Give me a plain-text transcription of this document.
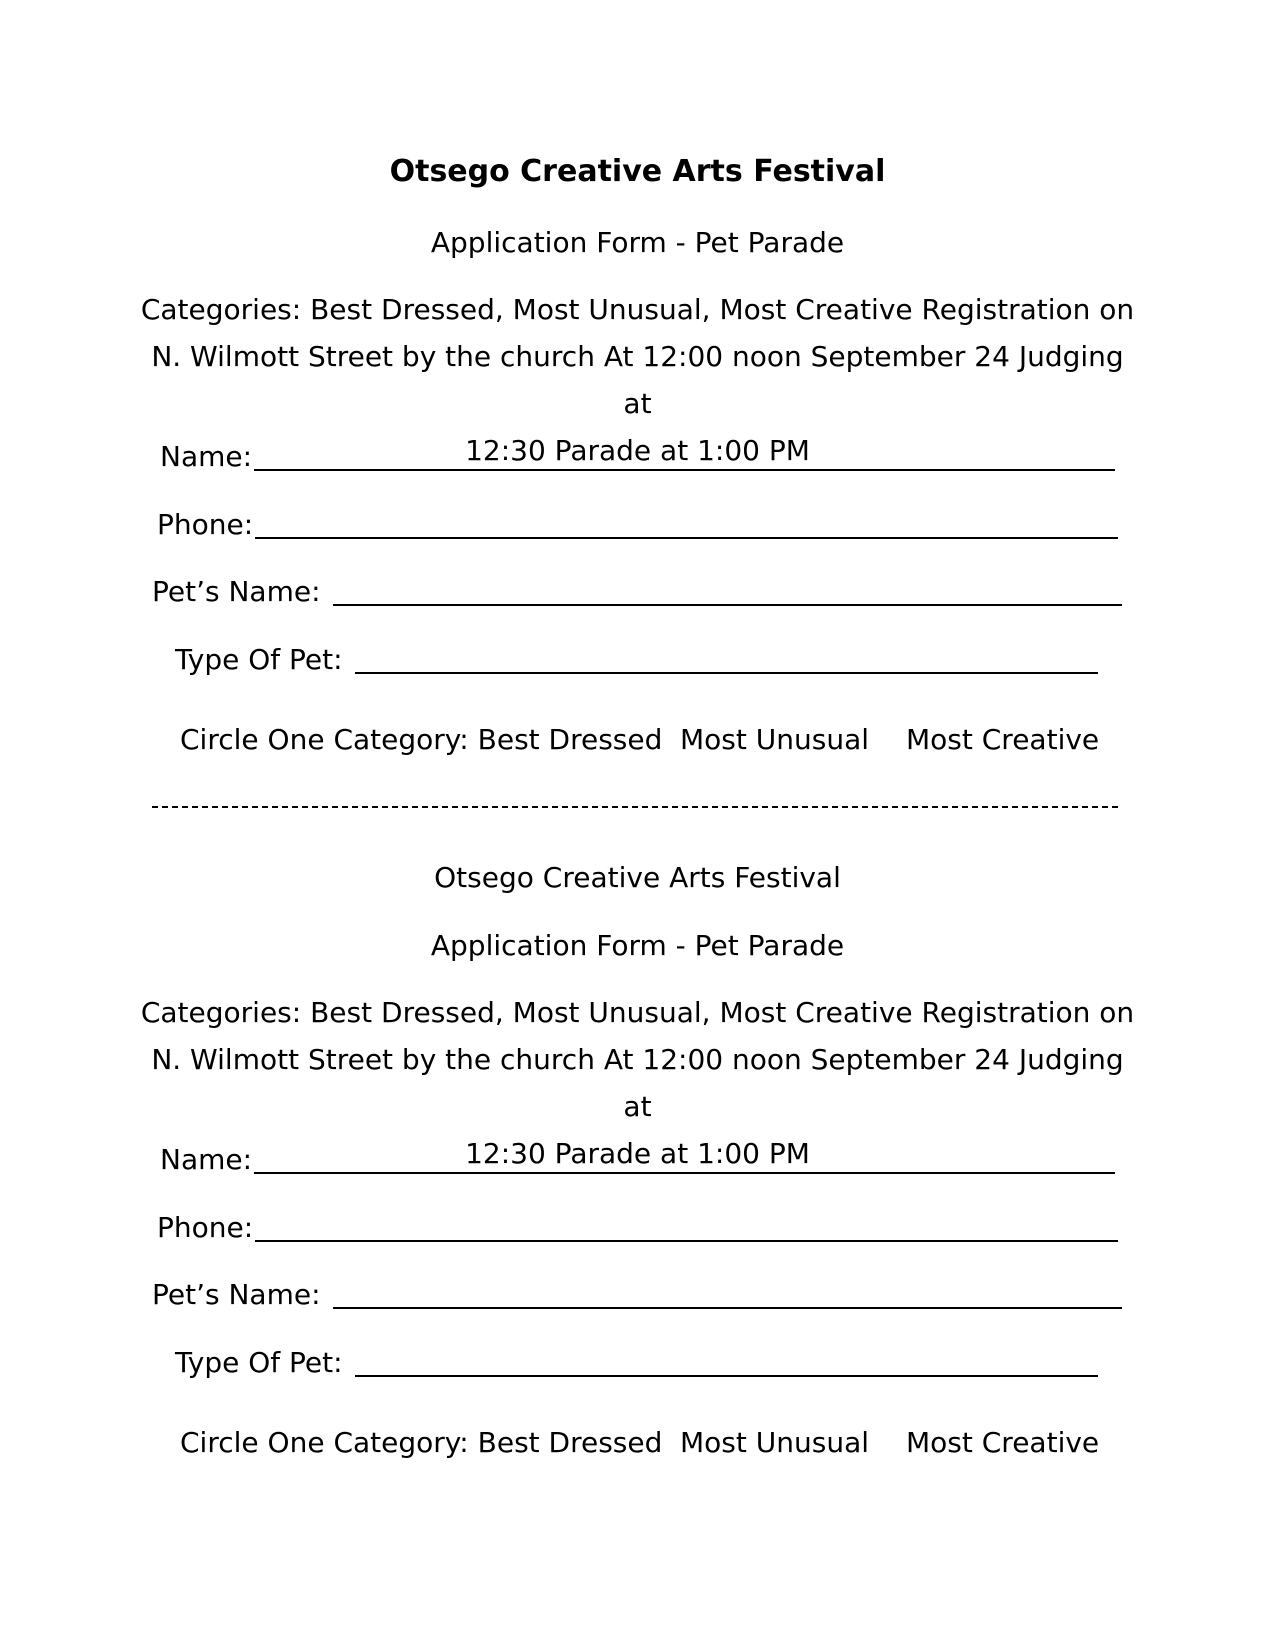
Otsego Creative Arts Festival
Application Form - Pet Parade
Categories: Best Dressed, Most Unusual, Most Creative Registration on
N. Wilmott Street by the church At 12:00 noon September 24 Judging at
12:30 Parade at 1:00 PM
Name:
Phone:
Pet’s Name:
Type Of Pet:
Circle One Category: Best Dressed Most Unusual Most Creative
Otsego Creative Arts Festival
Application Form - Pet Parade
Categories: Best Dressed, Most Unusual, Most Creative Registration on
N. Wilmott Street by the church At 12:00 noon September 24 Judging at
12:30 Parade at 1:00 PM
Name:
Phone:
Pet’s Name:
Type Of Pet:
Circle One Category: Best Dressed Most Unusual Most Creative
